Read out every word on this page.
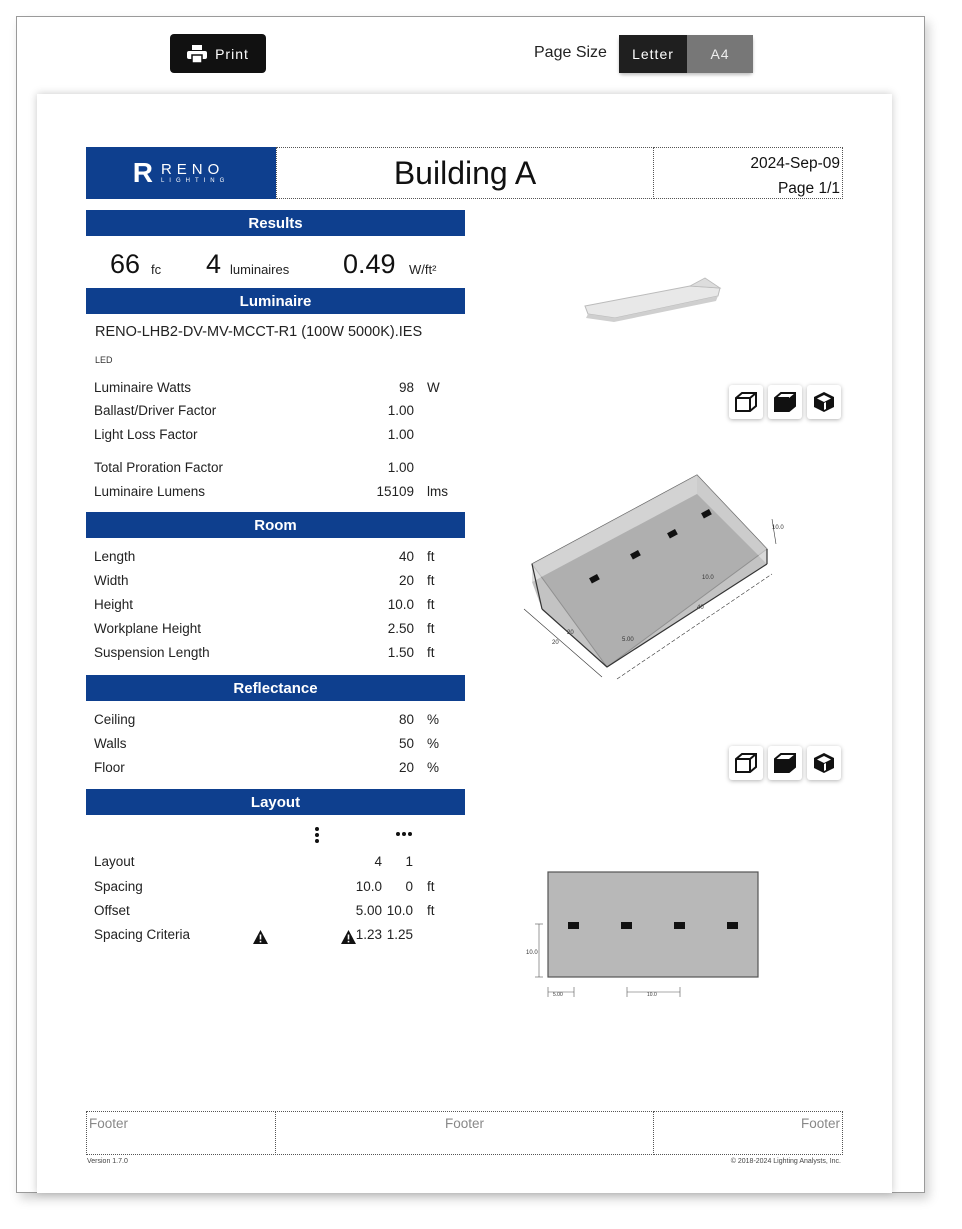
Print	Page Size	Letter	A4
R RENO
LIGHTING	Building A	2024-Sep-09
Page 1/1
Results
66 fc 4 luminaires 0.49 W/ft²
Luminaire
RENO-LHB2-DV-MV-MCCT-R1 (100W 5000K).IES
LED
Luminaire Watts	98 W
Ballast/Driver Factor	1.00
Light Loss Factor	1.00
Total Proration Factor	1.00
Luminaire Lumens	15109 lms
Room
Length	40 ft
Width	20 ft
Height	10.0 ft
Workplane Height	2.50 ft
Suspension Length	1.50 ft
Reflectance
Ceiling	80 %
Walls	50 %
Floor	20 %
Layout
Layout	4 1
Spacing	10.0 0 ft
Offset	5.00 10.0 ft
Spacing Criteria	1.23 1.25
10.0
20
40
10.0
20
5.00
10.0
5.00	10.0
Footer	Footer	Footer
Version 1.7.0	© 2018-2024 Lighting Analysts, Inc.
